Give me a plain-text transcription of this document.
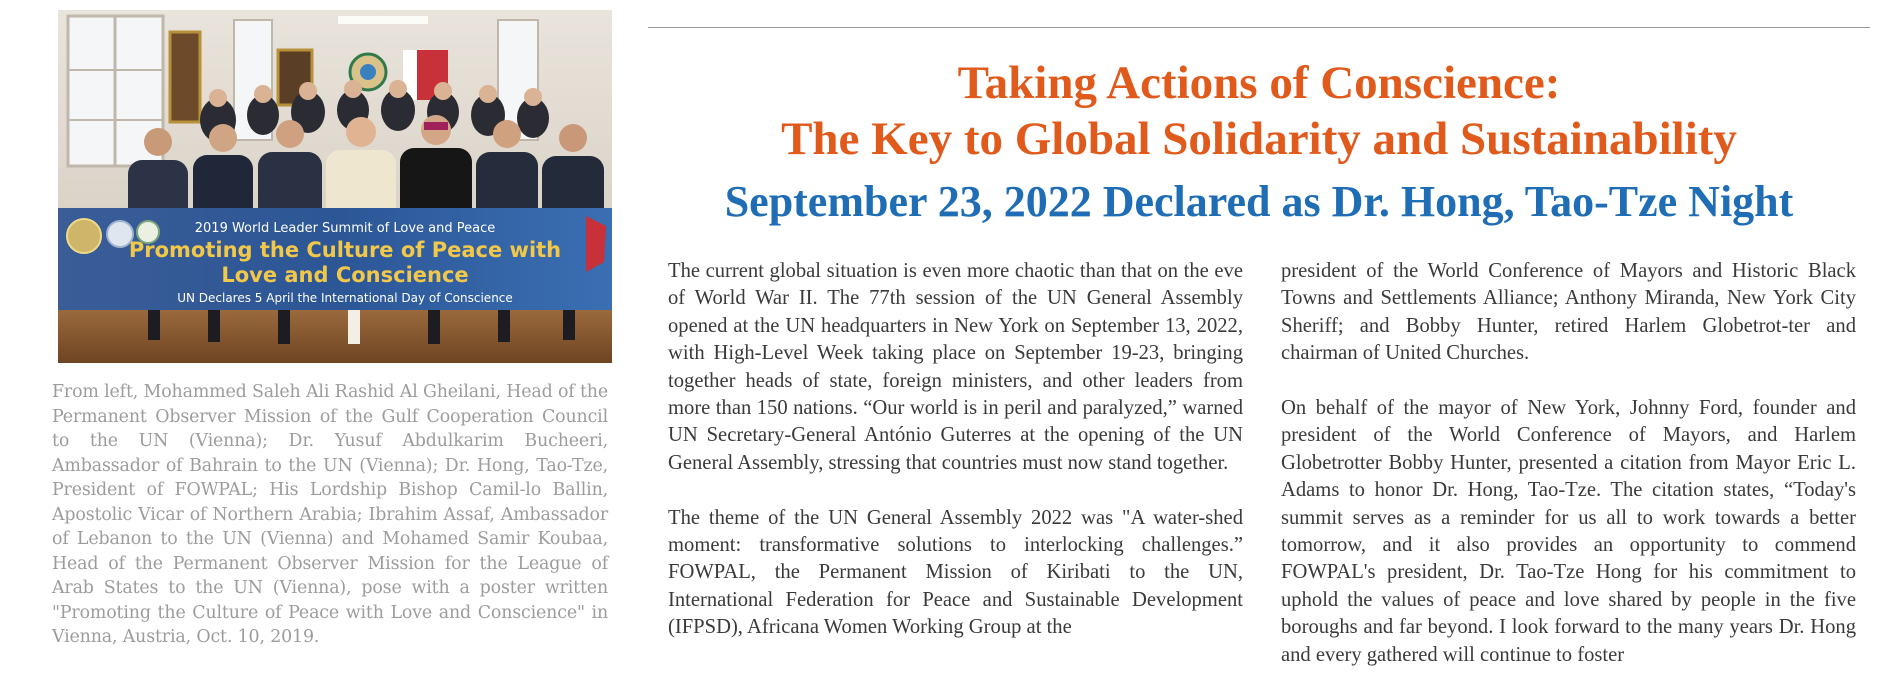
2019 World Leader Summit of Love and Peace
Promoting the Culture of Peace with
Love and Conscience
UN Declares 5 April the International Day of Conscience

From left, Mohammed Saleh Ali Rashid Al Gheilani, Head of the Permanent Observer Mission of the Gulf Cooperation Council to the UN (Vienna); Dr. Yusuf Abdulkarim Bucheeri, Ambassador of Bahrain to the UN (Vienna); Dr. Hong, Tao-Tze, President of FOWPAL; His Lordship Bishop Camil-lo Ballin, Apostolic Vicar of Northern Arabia; Ibrahim Assaf, Ambassador of Lebanon to the UN (Vienna) and Mohamed Samir Koubaa, Head of the Permanent Observer Mission for the League of Arab States to the UN (Vienna), pose with a poster written "Promoting the Culture of Peace with Love and Conscience" in Vienna, Austria, Oct. 10, 2019.

Taking Actions of Conscience:
The Key to Global Solidarity and Sustainability
September 23, 2022 Declared as Dr. Hong, Tao-Tze Night

The current global situation is even more chaotic than that on the eve of World War II. The 77th session of the UN General Assembly opened at the UN headquarters in New York on September 13, 2022, with High-Level Week taking place on September 19-23, bringing together heads of state, foreign ministers, and other leaders from more than 150 nations. “Our world is in peril and paralyzed,” warned UN Secretary-General António Guterres at the opening of the UN General Assembly, stressing that countries must now stand together.

The theme of the UN General Assembly 2022 was "A water-shed moment: transformative solutions to interlocking challenges.” FOWPAL, the Permanent Mission of Kiribati to the UN, International Federation for Peace and Sustainable Development (IFPSD), Africana Women Working Group at the

president of the World Conference of Mayors and Historic Black Towns and Settlements Alliance; Anthony Miranda, New York City Sheriff; and Bobby Hunter, retired Harlem Globetrot-ter and chairman of United Churches.

On behalf of the mayor of New York, Johnny Ford, founder and president of the World Conference of Mayors, and Harlem Globetrotter Bobby Hunter, presented a citation from Mayor Eric L. Adams to honor Dr. Hong, Tao-Tze. The citation states, “Today's summit serves as a reminder for us all to work towards a better tomorrow, and it also provides an opportunity to commend FOWPAL's president, Dr. Tao-Tze Hong for his commitment to uphold the values of peace and love shared by people in the five boroughs and far beyond. I look forward to the many years Dr. Hong and every gathered will continue to foster
